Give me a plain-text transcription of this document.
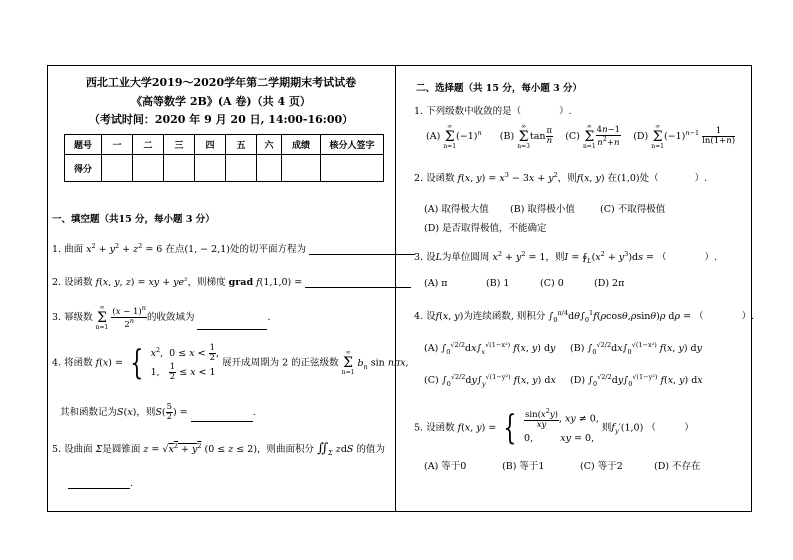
西北工业大学2019～2020学年第二学期期末考试试卷
《高等数学 2B》(A 卷)（共 4 页）
（考试时间：2020 年 9 月 20 日, 14:00-16:00）
题号	一	二	三	四	五	六	成绩	核分人签字
得分								
一、填空题（共15 分，每小题 3 分）
1. 曲面 $x^2 + y^2 + z^2 = 6$ 在点(1, − 2,1)处的切平面方程为
2. 设函数 f(x, y, z) = xy + $ye^z$，则梯度 grad f(1,1,0) =
3. 幂级数
∞
Σ
n=1
$\frac{(x - 1)^n}{2^n}$ 的收敛域为	.
4. 将函数 f(x) = { $x^2$,  $0 \le x < \frac{1}{2}$ ,
1, $\frac{1}{2} \le x < 1$
展开成周期为 2 的正弦级数
∞
Σ
n=1
$b_n$ sin nπx,
其和函数记为S(x)，则$S( \frac{5}{2}$ ) =	.
5. 设曲面 Σ是圆锥面 $z = √x^2 + y^2$ (0 ≤ z ≤ 2)，则曲面积分 $∬_\Sigma$ zdS 的值为
.
二、选择题（共 15 分，每小题 3 分）
1. 下列级数中收敛的是（	）.
(A)
∞
Σ
n=1
$(-1)^n$ (B)
∞
Σ
n=3
$\tan \frac{\pi}{n} (C)$
∞
Σ
$n=1 \frac{4n-1}{n^2+n} (D)$
∞
Σ
n=1
$(-1)^{n-1} \frac{1}{\ln(1+n)}$
2. 设函数 f(x, $y) = x^3 - 3x + y^2$，则f(x, y) 在(1,0)处（	）.
(A) 取得极大值 (B) 取得极小值	(C) 不取得极值
(D) 是否取得极值，不能确定
3. 设L为单位圆周 $x^2 + y^2 = 1$，则$I = ∮_L(x^2 + y^3)ds$ = （　　　　）.
(A) π	(B) 1	(C) 0	(D) 2π
4. 设f(x, y)为连续函数, 则积分 $\int_0^{\pi/4}d\theta\int_0^1f(\rho\cos\theta,\rho\sin\theta)\rho$ dρ = （　　　　）.
(A) $\int_0^{√2/2}dx\int_x^{√(1-x^2)}$ f(x, y) dy (B) $\int_0^{√2/2}dx\int_0^{√(1-x^2)}$ f(x, y) dy
(C) $\int_0^{√2/2}dy\int_y^{√(1-y^2)}$ f(x, y) dx (D) $\int_0^{√2/2}dy\int_0^{√(1-y^2)}$ f(x, y) dx
5. 设函数 f(x, y) = { $\frac{\sin(x^2y)}{xy}$ , xy ≠ 0,
0,         xy = 0,
则$f_y'(1,0)$ （　　　）
(A) 等于0	(B) 等于1	(C) 等于2	(D) 不存在
